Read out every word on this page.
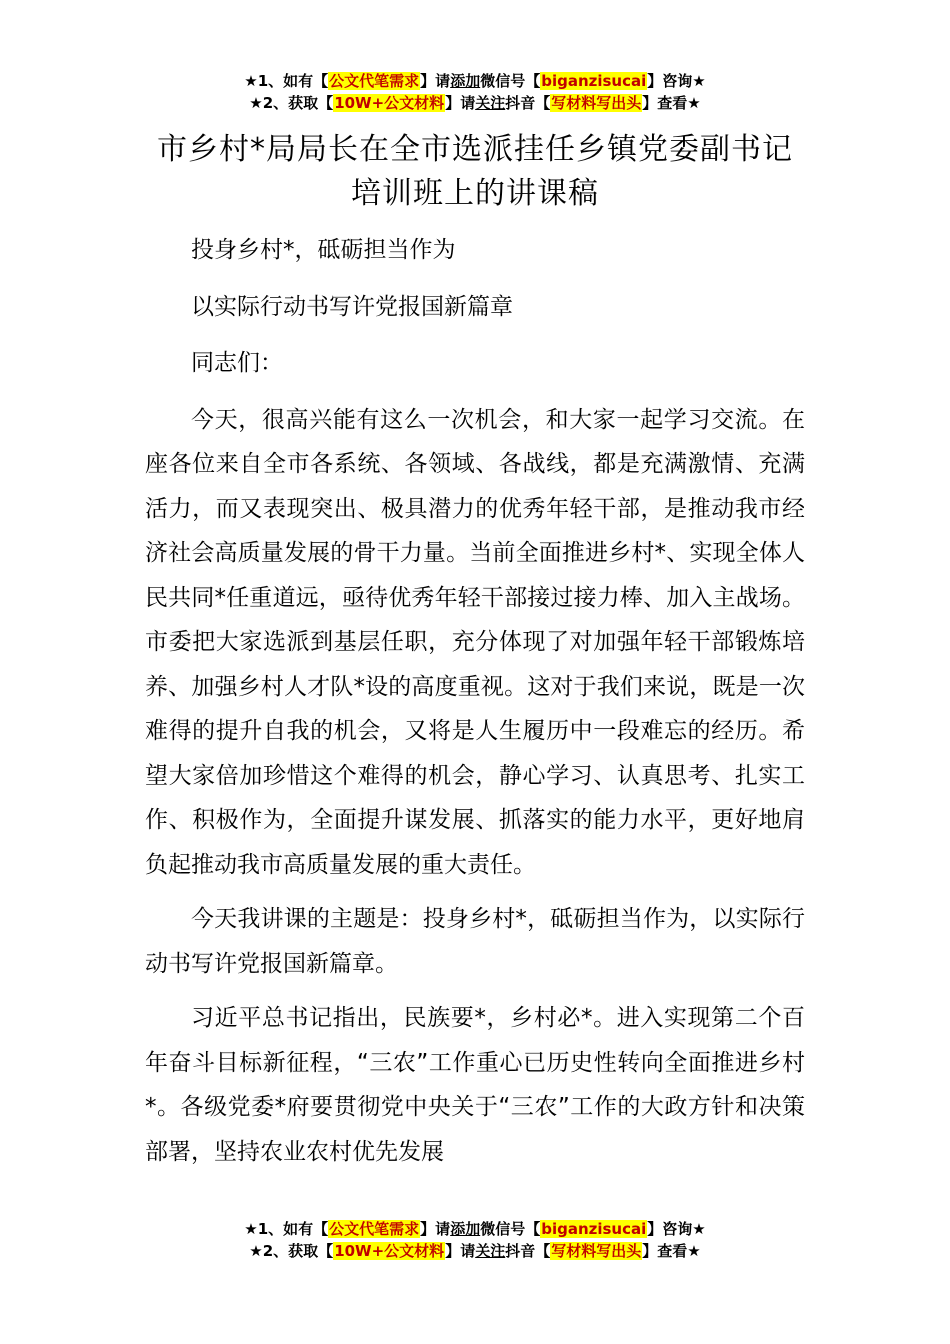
★1、如有【公文代笔需求】请添加微信号【biganzisucai】咨询★
★2、获取【10W+公文材料】请关注抖音【写材料写出头】查看★
市乡村*局局长在全市选派挂任乡镇党委副书记培训班上的讲课稿

投身乡村*，砥砺担当作为

以实际行动书写许党报国新篇章

同志们：

今天，很高兴能有这么一次机会，和大家一起学习交流。在座各位来自全市各系统、各领域、各战线，都是充满激情、充满活力，而又表现突出、极具潜力的优秀年轻干部，是推动我市经济社会高质量发展的骨干力量。当前全面推进乡村*、实现全体人民共同*任重道远，亟待优秀年轻干部接过接力棒、加入主战场。市委把大家选派到基层任职，充分体现了对加强年轻干部锻炼培养、加强乡村人才队*设的高度重视。这对于我们来说，既是一次难得的提升自我的机会，又将是人生履历中一段难忘的经历。希望大家倍加珍惜这个难得的机会，静心学习、认真思考、扎实工作、积极作为，全面提升谋发展、抓落实的能力水平，更好地肩负起推动我市高质量发展的重大责任。

今天我讲课的主题是：投身乡村*，砥砺担当作为，以实际行动书写许党报国新篇章。

习近平总书记指出，民族要*，乡村必*。进入实现第二个百年奋斗目标新征程，“三农”工作重心已历史性转向全面推进乡村*。各级党委*府要贯彻党中央关于“三农”工作的大政方针和决策部署，坚持农业农村优先发展

★1、如有【公文代笔需求】请添加微信号【biganzisucai】咨询★
★2、获取【10W+公文材料】请关注抖音【写材料写出头】查看★
